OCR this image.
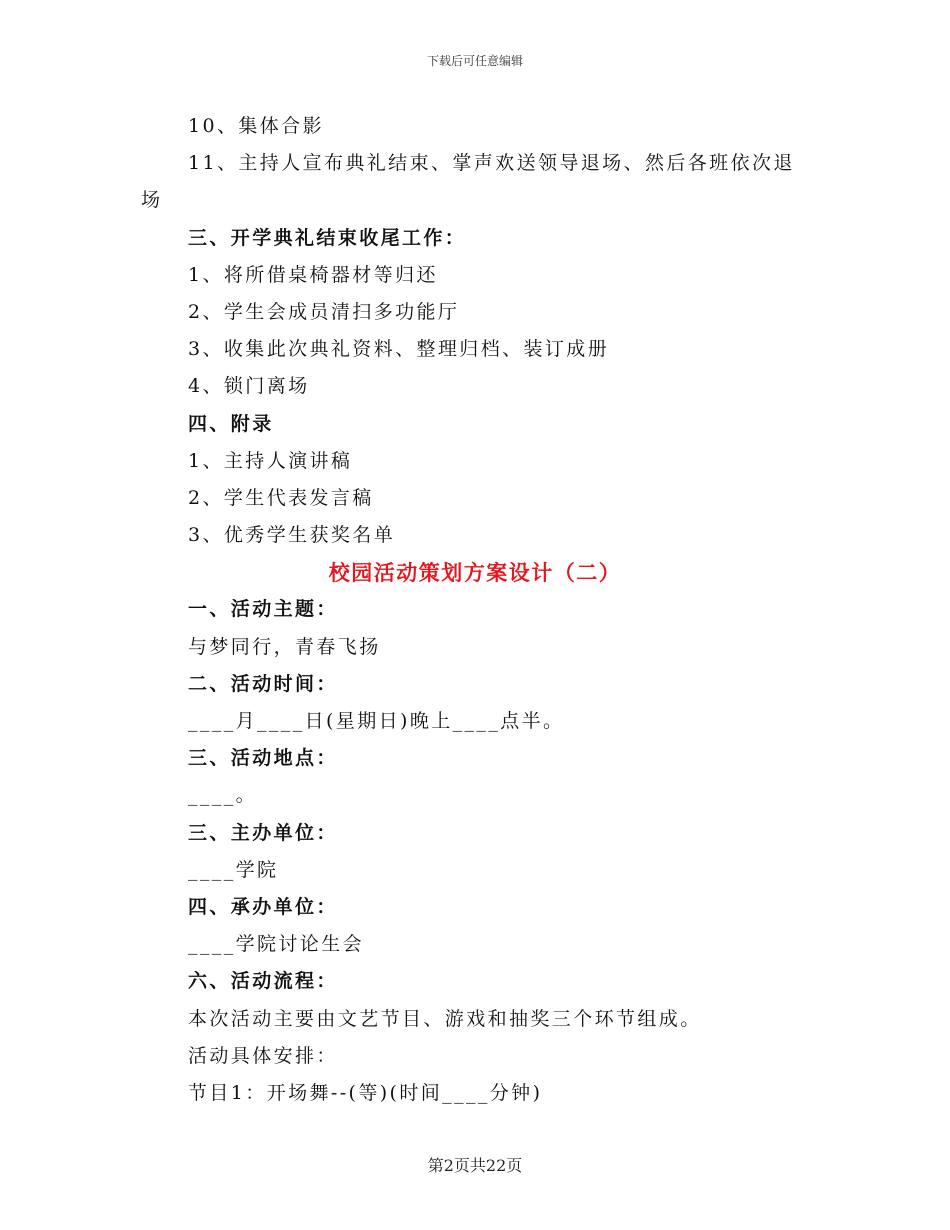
下载后可任意编辑
10、集体合影
11、主持人宣布典礼结束、掌声欢送领导退场、然后各班依次退
场
三、开学典礼结束收尾工作：
1、将所借桌椅器材等归还
2、学生会成员清扫多功能厅
3、收集此次典礼资料、整理归档、装订成册
4、锁门离场
四、附录
1、主持人演讲稿
2、学生代表发言稿
3、优秀学生获奖名单
校园活动策划方案设计（二）
一、活动主题：
与梦同行，青春飞扬
二、活动时间：
____月____日(星期日)晚上____点半。
三、活动地点：
____。
三、主办单位：
____学院
四、承办单位：
____学院讨论生会
六、活动流程：
本次活动主要由文艺节目、游戏和抽奖三个环节组成。
活动具体安排：
节目1：开场舞--(等)(时间____分钟)
第2页共22页
